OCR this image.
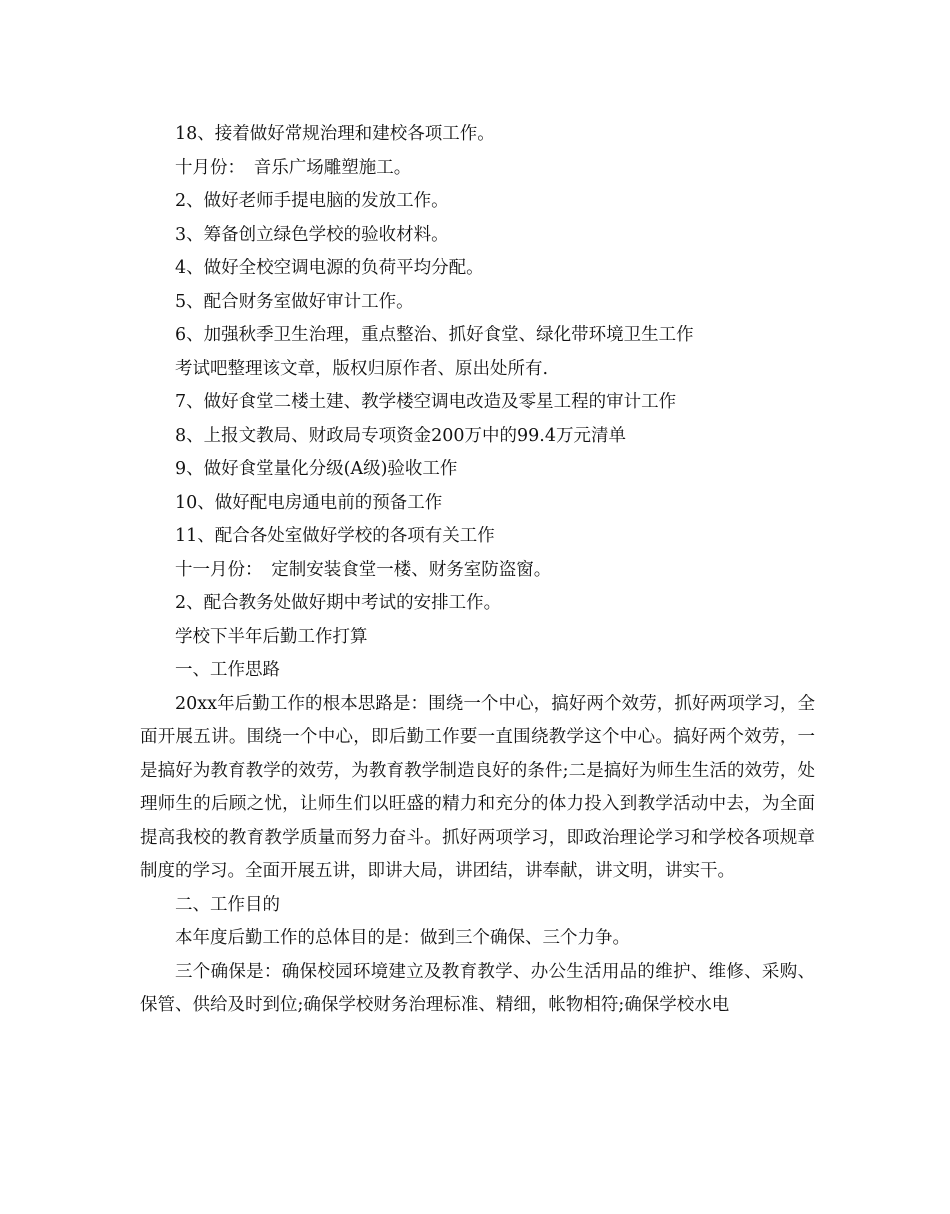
18、接着做好常规治理和建校各项工作。

十月份：　音乐广场雕塑施工。

2、做好老师手提电脑的发放工作。

3、筹备创立绿色学校的验收材料。

4、做好全校空调电源的负荷平均分配。

5、配合财务室做好审计工作。

6、加强秋季卫生治理，重点整治、抓好食堂、绿化带环境卫生工作

考试吧整理该文章，版权归原作者、原出处所有.

7、做好食堂二楼土建、教学楼空调电改造及零星工程的审计工作

8、上报文教局、财政局专项资金200万中的99.4万元清单

9、做好食堂量化分级(A级)验收工作

10、做好配电房通电前的预备工作

11、配合各处室做好学校的各项有关工作

十一月份：　定制安装食堂一楼、财务室防盗窗。

2、配合教务处做好期中考试的安排工作。

学校下半年后勤工作打算

一、工作思路

20xx年后勤工作的根本思路是：围绕一个中心，搞好两个效劳，抓好两项学习，全面开展五讲。围绕一个中心，即后勤工作要一直围绕教学这个中心。搞好两个效劳，一是搞好为教育教学的效劳，为教育教学制造良好的条件;二是搞好为师生生活的效劳，处理师生的后顾之忧，让师生们以旺盛的精力和充分的体力投入到教学活动中去，为全面提高我校的教育教学质量而努力奋斗。抓好两项学习，即政治理论学习和学校各项规章制度的学习。全面开展五讲，即讲大局，讲团结，讲奉献，讲文明，讲实干。

二、工作目的

本年度后勤工作的总体目的是：做到三个确保、三个力争。

三个确保是：确保校园环境建立及教育教学、办公生活用品的维护、维修、采购、保管、供给及时到位;确保学校财务治理标准、精细，帐物相符;确保学校水电
